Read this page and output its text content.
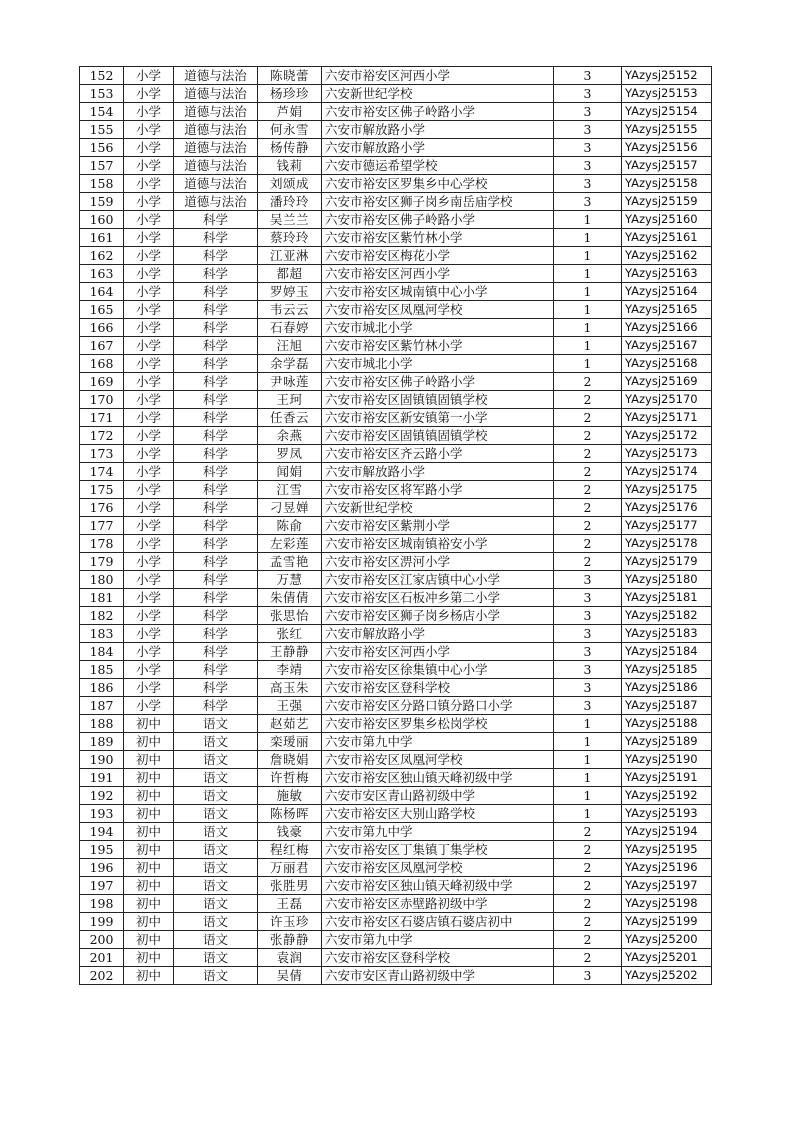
152	小学	道德与法治	陈晓蕾	六安市裕安区河西小学	3	YAzysj25152
153	小学	道德与法治	杨珍珍	六安新世纪学校	3	YAzysj25153
154	小学	道德与法治	芦娟	六安市裕安区佛子岭路小学	3	YAzysj25154
155	小学	道德与法治	何永雪	六安市解放路小学	3	YAzysj25155
156	小学	道德与法治	杨传静	六安市解放路小学	3	YAzysj25156
157	小学	道德与法治	钱莉	六安市德运希望学校	3	YAzysj25157
158	小学	道德与法治	刘颂成	六安市裕安区罗集乡中心学校	3	YAzysj25158
159	小学	道德与法治	潘玲玲	六安市裕安区狮子岗乡南岳庙学校	3	YAzysj25159
160	小学	科学	吴兰兰	六安市裕安区佛子岭路小学	1	YAzysj25160
161	小学	科学	蔡玲玲	六安市裕安区紫竹林小学	1	YAzysj25161
162	小学	科学	江亚淋	六安市裕安区梅花小学	1	YAzysj25162
163	小学	科学	都超	六安市裕安区河西小学	1	YAzysj25163
164	小学	科学	罗婷玉	六安市裕安区城南镇中心小学	1	YAzysj25164
165	小学	科学	韦云云	六安市裕安区凤凰河学校	1	YAzysj25165
166	小学	科学	石春婷	六安市城北小学	1	YAzysj25166
167	小学	科学	汪旭	六安市裕安区紫竹林小学	1	YAzysj25167
168	小学	科学	余学磊	六安市城北小学	1	YAzysj25168
169	小学	科学	尹咏莲	六安市裕安区佛子岭路小学	2	YAzysj25169
170	小学	科学	王珂	六安市裕安区固镇镇固镇学校	2	YAzysj25170
171	小学	科学	任香云	六安市裕安区新安镇第一小学	2	YAzysj25171
172	小学	科学	余燕	六安市裕安区固镇镇固镇学校	2	YAzysj25172
173	小学	科学	罗凤	六安市裕安区齐云路小学	2	YAzysj25173
174	小学	科学	闻娟	六安市解放路小学	2	YAzysj25174
175	小学	科学	江雪	六安市裕安区将军路小学	2	YAzysj25175
176	小学	科学	刁昱婵	六安新世纪学校	2	YAzysj25176
177	小学	科学	陈俞	六安市裕安区紫荆小学	2	YAzysj25177
178	小学	科学	左彩莲	六安市裕安区城南镇裕安小学	2	YAzysj25178
179	小学	科学	孟雪艳	六安市裕安区淠河小学	2	YAzysj25179
180	小学	科学	万慧	六安市裕安区江家店镇中心小学	3	YAzysj25180
181	小学	科学	朱倩倩	六安市裕安区石板冲乡第二小学	3	YAzysj25181
182	小学	科学	张思怡	六安市裕安区狮子岗乡杨店小学	3	YAzysj25182
183	小学	科学	张红	六安市解放路小学	3	YAzysj25183
184	小学	科学	王静静	六安市裕安区河西小学	3	YAzysj25184
185	小学	科学	李靖	六安市裕安区徐集镇中心小学	3	YAzysj25185
186	小学	科学	高玉朱	六安市裕安区登科学校	3	YAzysj25186
187	小学	科学	王强	六安市裕安区分路口镇分路口小学	3	YAzysj25187
188	初中	语文	赵茹艺	六安市裕安区罗集乡松岗学校	1	YAzysj25188
189	初中	语文	栾瑷丽	六安市第九中学	1	YAzysj25189
190	初中	语文	詹晓娟	六安市裕安区凤凰河学校	1	YAzysj25190
191	初中	语文	许哲梅	六安市裕安区独山镇天峰初级中学	1	YAzysj25191
192	初中	语文	施敏	六安市安区青山路初级中学	1	YAzysj25192
193	初中	语文	陈杨晖	六安市裕安区大别山路学校	1	YAzysj25193
194	初中	语文	钱豪	六安市第九中学	2	YAzysj25194
195	初中	语文	程红梅	六安市裕安区丁集镇丁集学校	2	YAzysj25195
196	初中	语文	万丽君	六安市裕安区凤凰河学校	2	YAzysj25196
197	初中	语文	张胜男	六安市裕安区独山镇天峰初级中学	2	YAzysj25197
198	初中	语文	王磊	六安市裕安区赤壁路初级中学	2	YAzysj25198
199	初中	语文	许玉珍	六安市裕安区石婆店镇石婆店初中	2	YAzysj25199
200	初中	语文	张静静	六安市第九中学	2	YAzysj25200
201	初中	语文	袁润	六安市裕安区登科学校	2	YAzysj25201
202	初中	语文	吴倩	六安市安区青山路初级中学	3	YAzysj25202
